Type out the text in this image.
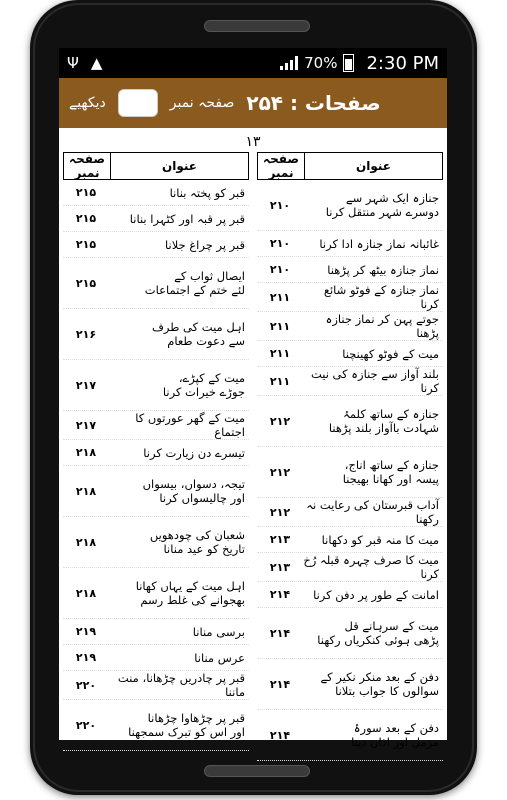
Ψ ▲	70% 2:30 PM
صفحات : ۲۵۴
صفحہ نمبر
دیکھیے
۱۳
عنوان
صفحہ نمبر
جنازہ ایک شہر سے
دوسرے شہر منتقل کرنا
۲۱۰
غائبانہ نماز جنازہ ادا کرنا
۲۱۰
نماز جنازہ بیٹھ کر پڑھنا
۲۱۰
نماز جنازہ کے فوٹو شائع کرنا
۲۱۱
جوتے پہن کر نماز جنازہ پڑھنا
۲۱۱
میت کے فوٹو کھینچنا
۲۱۱
بلند آواز سے جنازہ کی نیت کرنا
۲۱۱
جنازہ کے ساتھ کلمۂ
شہادت باآواز بلند پڑھنا
۲۱۲
جنازہ کے ساتھ اناج،
پیسہ اور کھانا بھیجنا
۲۱۲
آداب قبرستان کی رعایت نہ رکھنا
۲۱۲
میت کا منہ قبر کو دکھانا
۲۱۳
میت کا صرف چہرہ قبلہ رُخ کرنا
۲۱۳
امانت کے طور پر دفن کرنا
۲۱۴
میت کے سرہانے قل
پڑھی ہوئی کنکریاں رکھنا
۲۱۴
دفن کے بعد منکر نکیر کے
سوالوں کا جواب بتلانا
۲۱۴
دفن کے بعد سورۂ
مزمل اور اذان دینا
۲۱۴
عنوان
صفحہ نمبر
قبر کو پختہ بنانا
۲۱۵
قبر پر قبہ اور کٹہرا بنانا
۲۱۵
قبر پر چراغ جلانا
۲۱۵
ایصال ثواب کے
لئے ختم کے اجتماعات
۲۱۵
اہل میت کی طرف
سے دعوت طعام
۲۱۶
میت کے کپڑے،
جوڑے خیرات کرنا
۲۱۷
میت کے گھر عورتوں کا اجتماع
۲۱۷
تیسرے دن زیارت کرنا
۲۱۸
تیجہ، دسواں، بیسواں
اور چالیسواں کرنا
۲۱۸
شعبان کی چودھویں
تاریخ کو عید منانا
۲۱۸
اہل میت کے یہاں کھانا
بھجوانے کی غلط رسم
۲۱۸
برسی منانا
۲۱۹
عرس منانا
۲۱۹
قبر پر چادریں چڑھانا، منت ماننا
۲۲۰
قبر پر چڑھاوا چڑھانا
اور اس کو تبرک سمجھنا
۲۲۰
